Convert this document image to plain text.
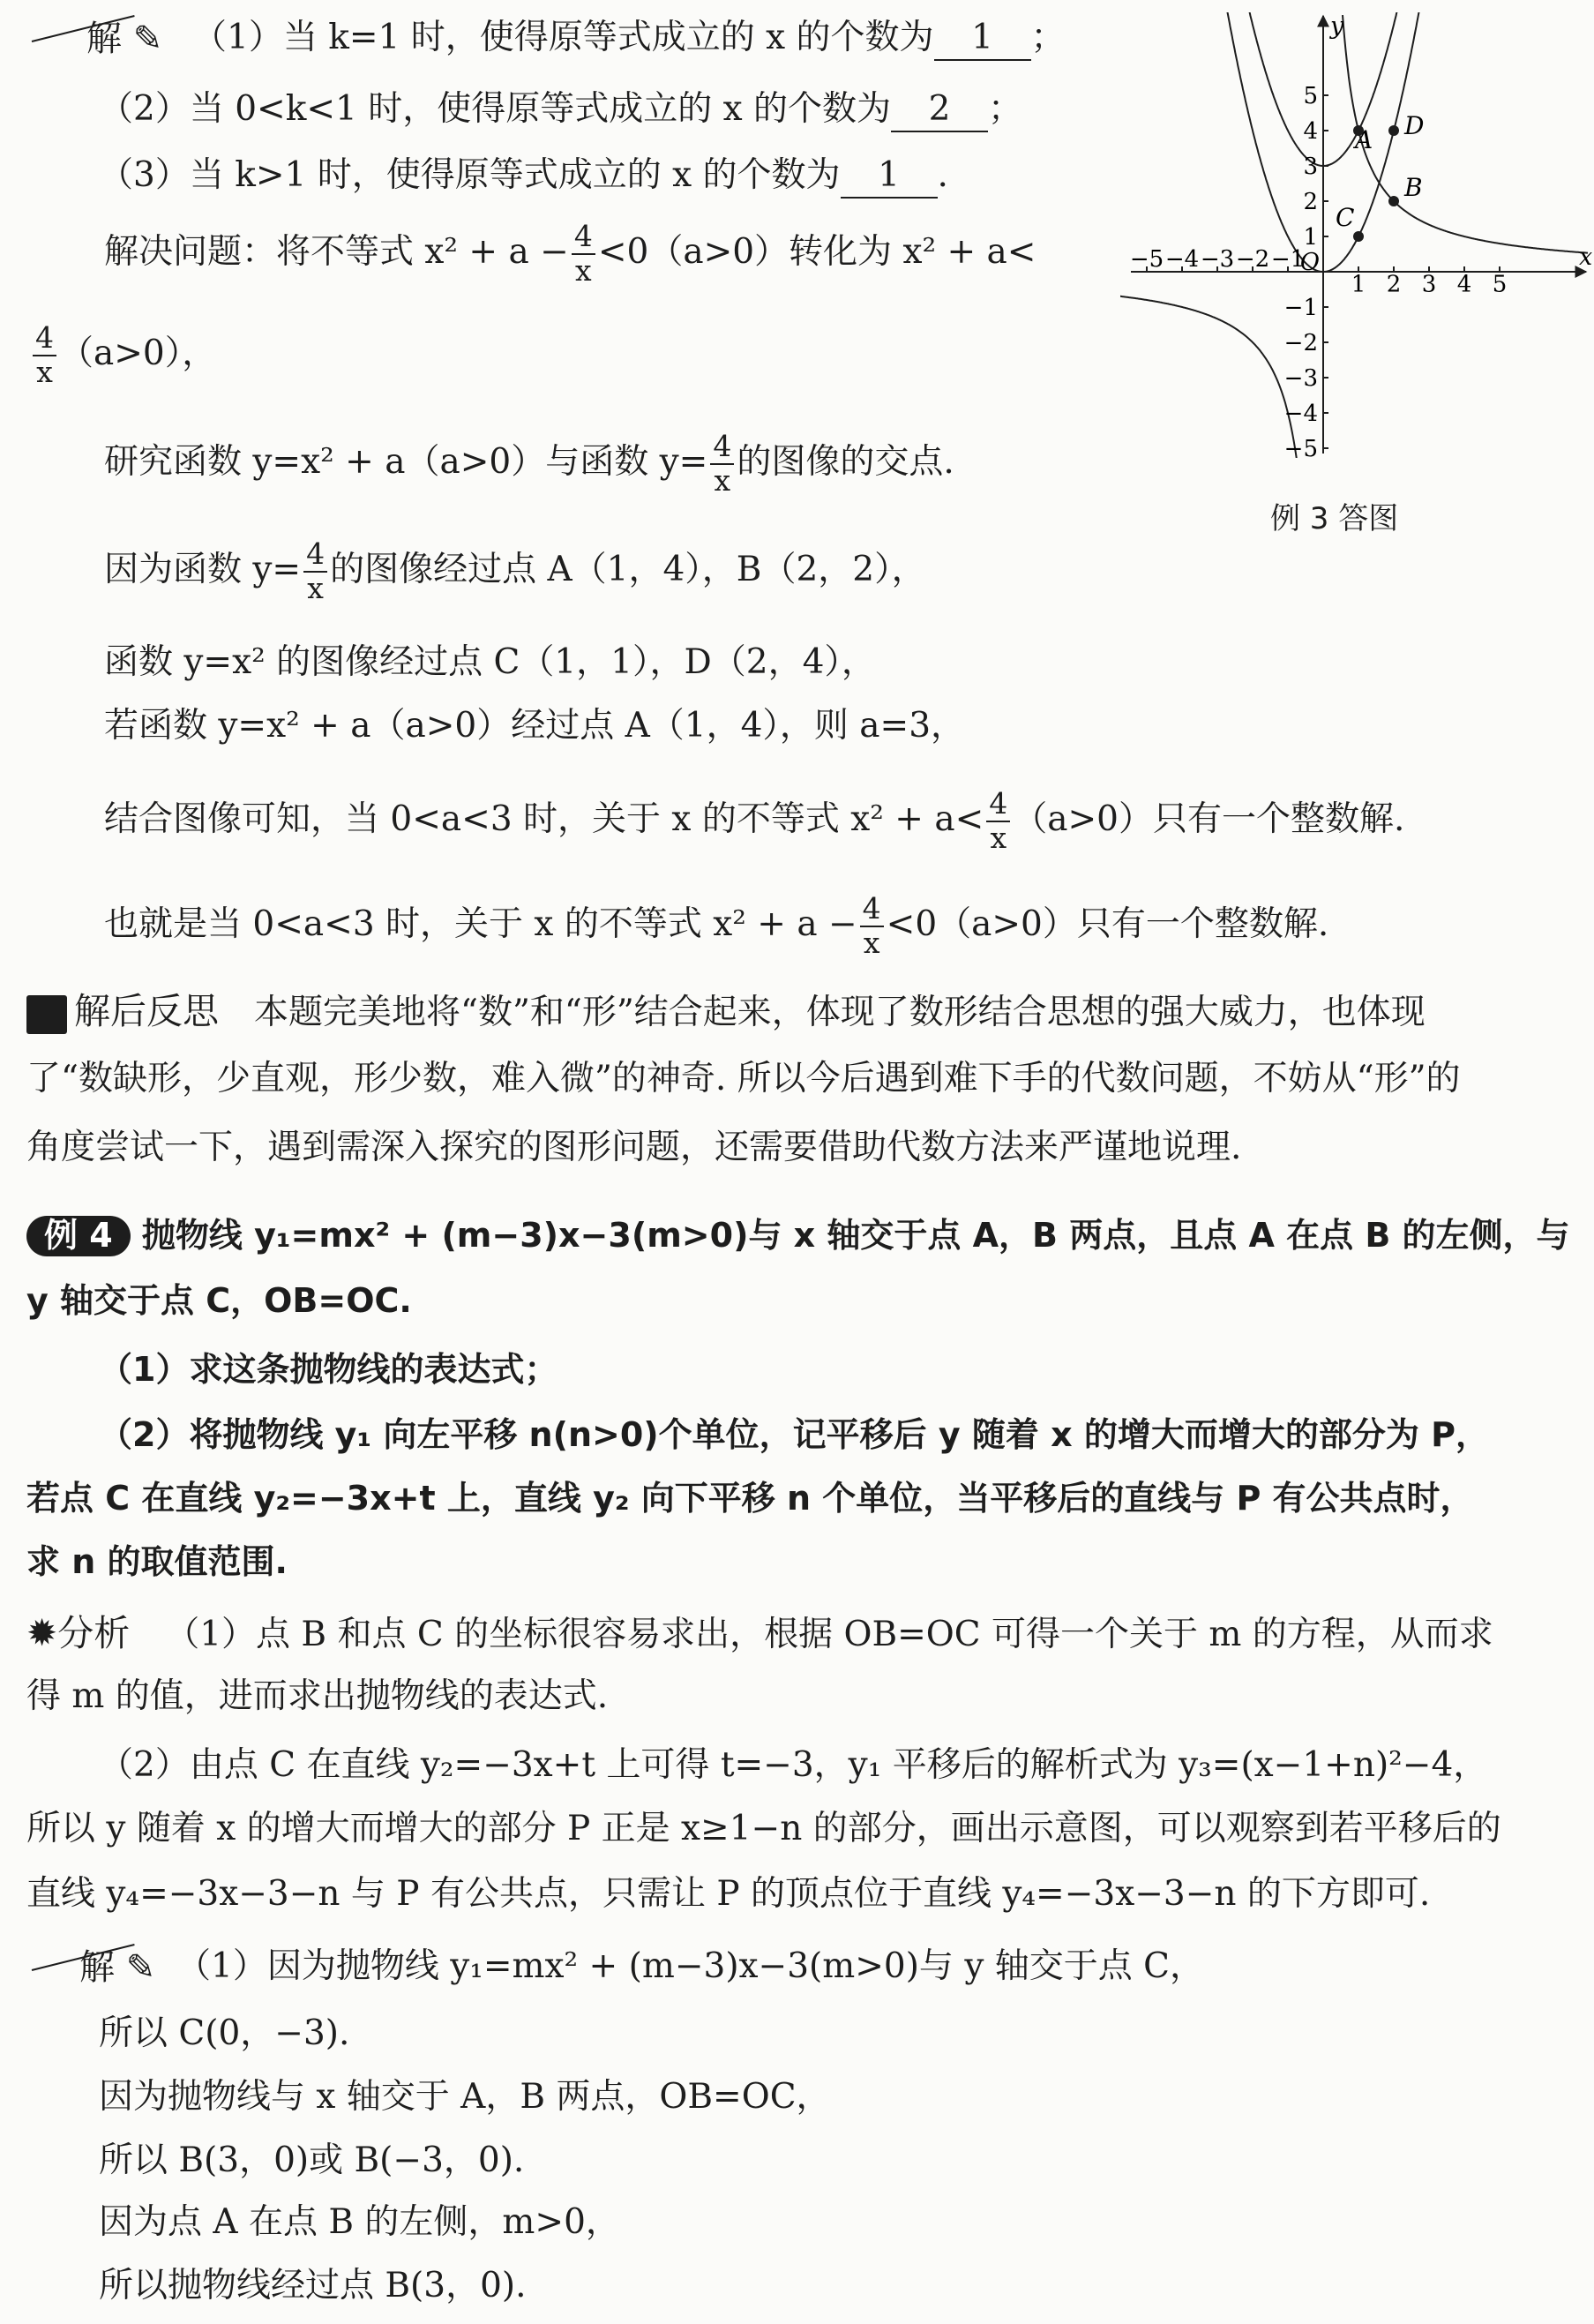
解 ✎ （1）当 k=1 时，使得原等式成立的 x 的个数为 1 ；
（2）当 0<k<1 时，使得原等式成立的 x 的个数为 2 ；
（3）当 k>1 时，使得原等式成立的 x 的个数为 1 .
解决问题：将不等式 $x^2 + a - \frac{4}{x} <0(a>0)$转化为 x² + a<
$\frac{4}{x} (a>0)$，
研究函数 y=x² + a（a>0）与函数 $y= \frac{4}{x}$ 的图像的交点.
因为函数 $y= \frac{4}{x}$ 的图像经过点 A（1，4），B（2，2），
函数 y=x² 的图像经过点 C（1，1），D（2，4），
若函数 y=x² + a（a>0）经过点 A（1，4），则 a=3，
结合图像可知，当 0<a<3 时，关于 x 的不等式 $x^2 + a< \frac{4}{x} (a>0)$只有一个整数解.
也就是当 0<a<3 时，关于 x 的不等式 $x^2 + a - \frac{4}{x} <0(a>0)$只有一个整数解.
−5 −4 −3 −2 −1
1 2 3 4 5
5
4
3
2
1
−1
−2
−3
−4
−5
O	x
y
A
B
C
D
例 3 答图
解后反思 本题完美地将“数”和“形”结合起来，体现了数形结合思想的强大威力，也体现
了“数缺形，少直观，形少数，难入微”的神奇. 所以今后遇到难下手的代数问题，不妨从“形”的
角度尝试一下，遇到需深入探究的图形问题，还需要借助代数方法来严谨地说理.
例 4 抛物线 y₁=mx² + (m−3)x−3(m>0)与 x 轴交于点 A，B 两点，且点 A 在点 B 的左侧，与
y 轴交于点 C，OB=OC.
（1）求这条抛物线的表达式；
（2）将抛物线 y₁ 向左平移 n(n>0)个单位，记平移后 y 随着 x 的增大而增大的部分为 P，
若点 C 在直线 y₂=−3x+t 上，直线 y₂ 向下平移 n 个单位，当平移后的直线与 P 有公共点时，
求 n 的取值范围.
✹分析 （1）点 B 和点 C 的坐标很容易求出，根据 OB=OC 可得一个关于 m 的方程，从而求
得 m 的值，进而求出抛物线的表达式.
（2）由点 C 在直线 y₂=−3x+t 上可得 t=−3，y₁ 平移后的解析式为 y₃=(x−1+n)²−4，
所以 y 随着 x 的增大而增大的部分 P 正是 x≥1−n 的部分，画出示意图，可以观察到若平移后的
直线 y₄=−3x−3−n 与 P 有公共点，只需让 P 的顶点位于直线 y₄=−3x−3−n 的下方即可.
解 ✎ （1）因为抛物线 y₁=mx² + (m−3)x−3(m>0)与 y 轴交于点 C，
所以 C(0，−3).
因为抛物线与 x 轴交于 A，B 两点，OB=OC，
所以 B(3，0)或 B(−3，0).
因为点 A 在点 B 的左侧，m>0，
所以抛物线经过点 B(3，0).
